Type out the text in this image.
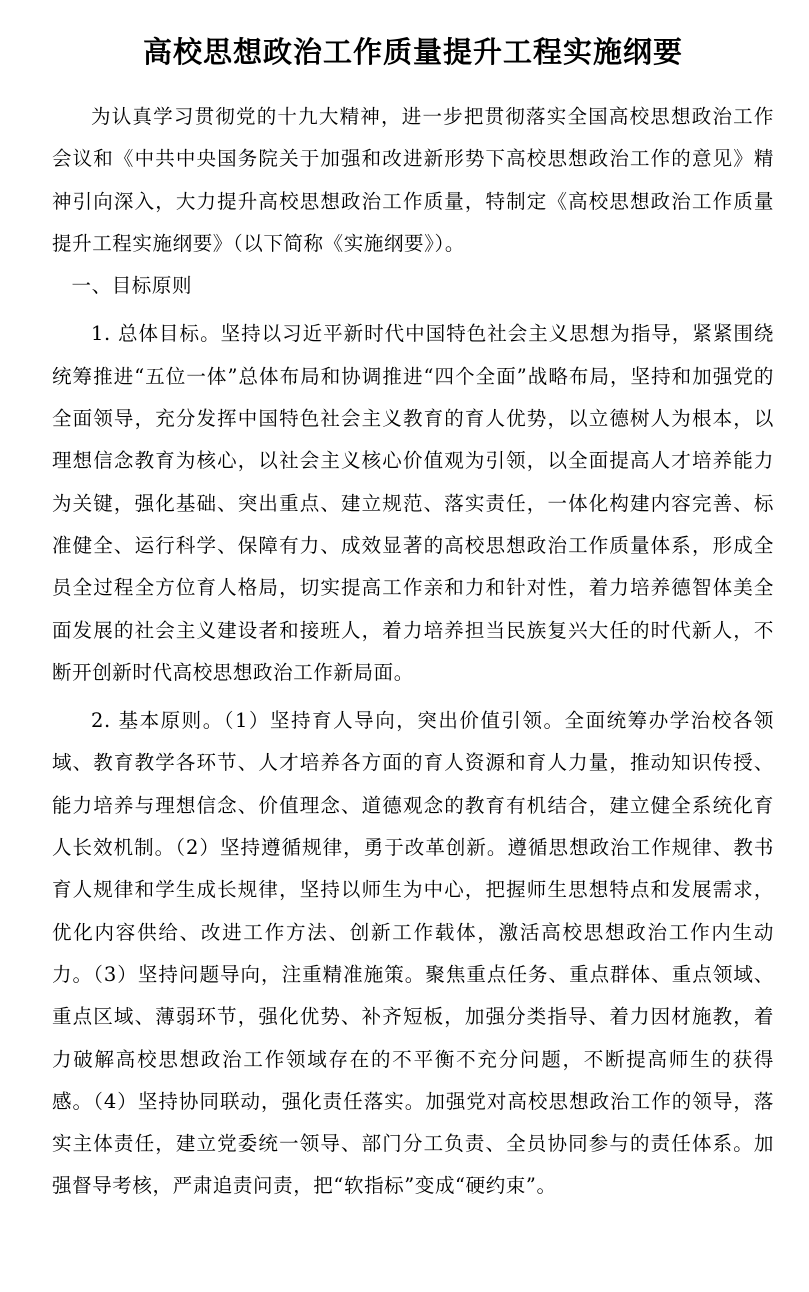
高校思想政治工作质量提升工程实施纲要

为认真学习贯彻党的十九大精神，进一步把贯彻落实全国高校思想政治工作会议和《中共中央国务院关于加强和改进新形势下高校思想政治工作的意见》精神引向深入，大力提升高校思想政治工作质量，特制定《高校思想政治工作质量提升工程实施纲要》（以下简称《实施纲要》）。

一、目标原则

1. 总体目标。坚持以习近平新时代中国特色社会主义思想为指导，紧紧围绕统筹推进“五位一体”总体布局和协调推进“四个全面”战略布局，坚持和加强党的全面领导，充分发挥中国特色社会主义教育的育人优势，以立德树人为根本，以理想信念教育为核心，以社会主义核心价值观为引领，以全面提高人才培养能力为关键，强化基础、突出重点、建立规范、落实责任，一体化构建内容完善、标准健全、运行科学、保障有力、成效显著的高校思想政治工作质量体系，形成全员全过程全方位育人格局，切实提高工作亲和力和针对性，着力培养德智体美全面发展的社会主义建设者和接班人，着力培养担当民族复兴大任的时代新人，不断开创新时代高校思想政治工作新局面。

2. 基本原则。（1）坚持育人导向，突出价值引领。全面统筹办学治校各领域、教育教学各环节、人才培养各方面的育人资源和育人力量，推动知识传授、能力培养与理想信念、价值理念、道德观念的教育有机结合，建立健全系统化育人长效机制。（2）坚持遵循规律，勇于改革创新。遵循思想政治工作规律、教书育人规律和学生成长规律，坚持以师生为中心，把握师生思想特点和发展需求，优化内容供给、改进工作方法、创新工作载体，激活高校思想政治工作内生动力。（3）坚持问题导向，注重精准施策。聚焦重点任务、重点群体、重点领域、重点区域、薄弱环节，强化优势、补齐短板，加强分类指导、着力因材施教，着力破解高校思想政治工作领域存在的不平衡不充分问题，不断提高师生的获得感。（4）坚持协同联动，强化责任落实。加强党对高校思想政治工作的领导，落实主体责任，建立党委统一领导、部门分工负责、全员协同参与的责任体系。加强督导考核，严肃追责问责，把“软指标”变成“硬约束”。
